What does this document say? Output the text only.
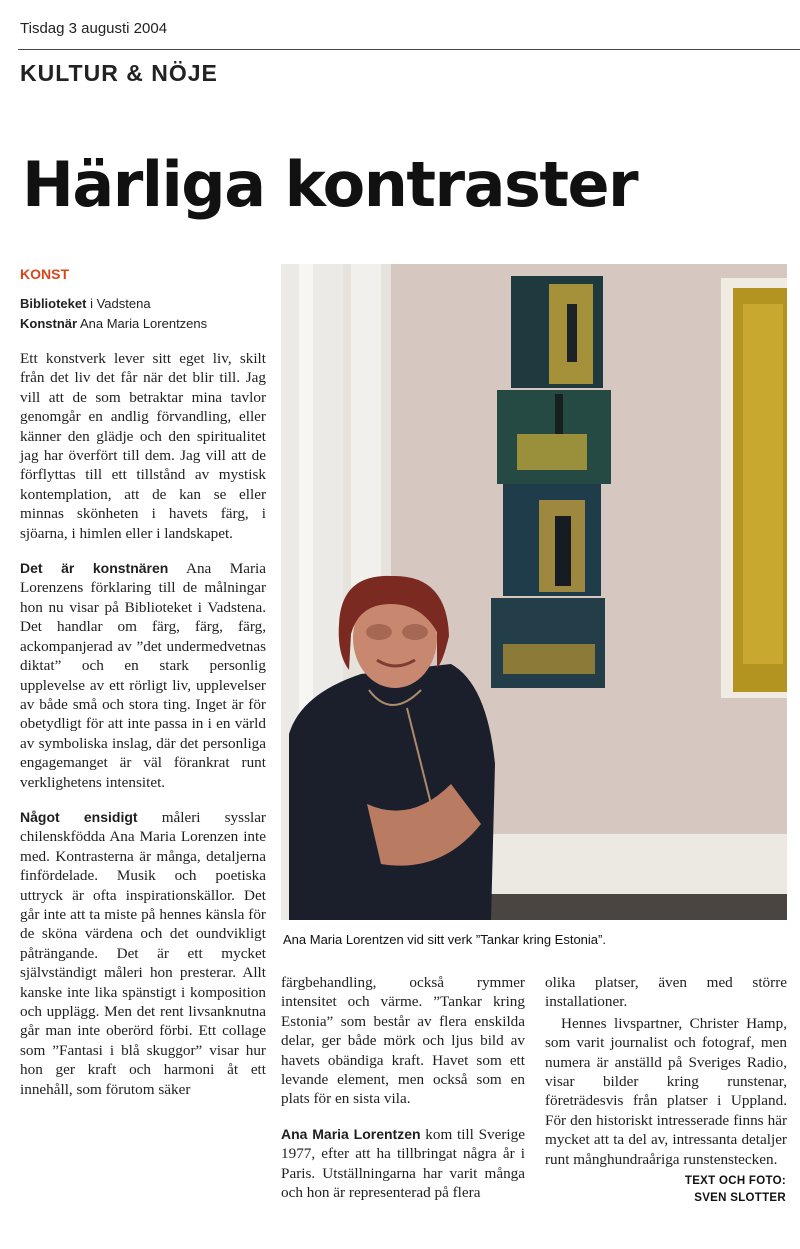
Tisdag 3 augusti 2004
KULTUR & NÖJE
Härliga kontraster
KONST
Biblioteket i Vadstena
Konstnär Ana Maria Lorentzens

Ett konstverk lever sitt eget liv, skilt från det liv det får när det blir till. Jag vill att de som betraktar mina tavlor genomgår en andlig förvandling, eller känner den glädje och den spiritualitet jag har överfört till dem. Jag vill att de förflyttas till ett tillstånd av mystisk kontemplation, att de kan se eller minnas skönheten i havets färg, i sjöarna, i himlen eller i landskapet.

Det är konstnären Ana Maria Lorenzens förklaring till de målningar hon nu visar på Biblioteket i Vadstena. Det handlar om färg, färg, färg, ackompanjerad av ”det undermedvetnas diktat” och en stark personlig upplevelse av ett rörligt liv, upplevelser av både små och stora ting. Inget är för obetydligt för att inte passa in i en värld av symboliska inslag, där det personliga engagemanget är väl förankrat runt verklighetens intensitet.

Något ensidigt måleri sysslar chilenskfödda Ana Maria Lorenzen inte med. Kontrasterna är många, detaljerna finfördelade. Musik och poetiska uttryck är ofta inspirationskällor. Det går inte att ta miste på hennes känsla för de sköna värdena och det oundvikligt påträngande. Det är ett mycket självständigt måleri hon presterar. Allt kanske inte lika spänstigt i komposition och upplägg. Men det rent livsanknutna går man inte oberörd förbi. Ett collage som ”Fantasi i blå skuggor” visar hur hon ger kraft och harmoni åt ett innehåll, som förutom säker

Ana Maria Lorentzen vid sitt verk ”Tankar kring Estonia”.

färgbehandling, också rymmer intensitet och värme. ”Tankar kring Estonia” som består av flera enskilda delar, ger både mörk och ljus bild av havets obändiga kraft. Havet som ett levande element, men också som en plats för en sista vila.

Ana Maria Lorentzen kom till Sverige 1977, efter att ha tillbringat några år i Paris. Utställningarna har varit många och hon är representerad på flera

olika platser, även med större installationer.

Hennes livspartner, Christer Hamp, som varit journalist och fotograf, men numera är anställd på Sveriges Radio, visar bilder kring runstenar, företrädesvis från platser i Uppland. För den historiskt intresserade finns här mycket att ta del av, intressanta detaljer runt månghundraåriga runstenstecken.

TEXT OCH FOTO:
SVEN SLOTTER
